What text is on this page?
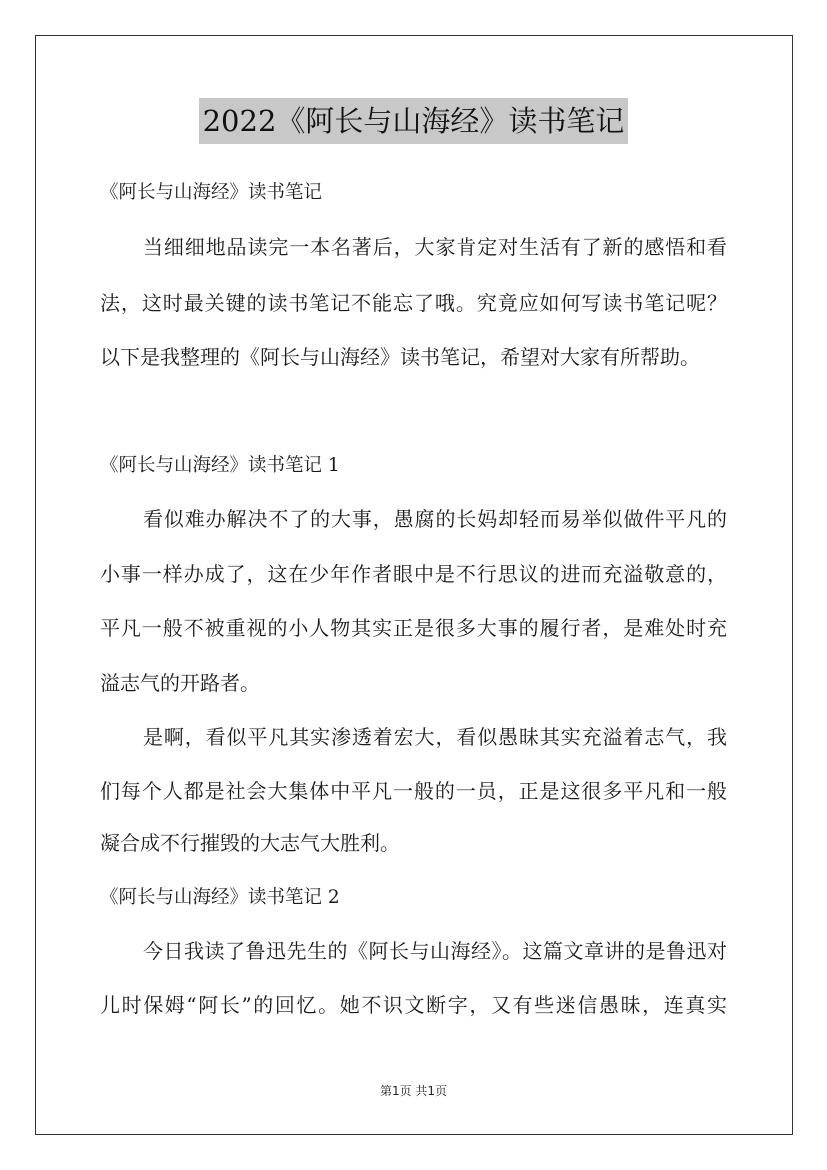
2022《阿长与山海经》读书笔记
《阿长与山海经》读书笔记
当细细地品读完一本名著后，大家肯定对生活有了新的感悟和看
法，这时最关键的读书笔记不能忘了哦。究竟应如何写读书笔记呢？
以下是我整理的《阿长与山海经》读书笔记，希望对大家有所帮助。
《阿长与山海经》读书笔记 1
看似难办解决不了的大事，愚腐的长妈却轻而易举似做件平凡的
小事一样办成了，这在少年作者眼中是不行思议的进而充溢敬意的，
平凡一般不被重视的小人物其实正是很多大事的履行者，是难处时充
溢志气的开路者。
是啊，看似平凡其实渗透着宏大，看似愚昧其实充溢着志气，我
们每个人都是社会大集体中平凡一般的一员，正是这很多平凡和一般
凝合成不行摧毁的大志气大胜利。
《阿长与山海经》读书笔记 2
今日我读了鲁迅先生的《阿长与山海经》。这篇文章讲的是鲁迅对
儿时保姆“阿长”的回忆。她不识文断字，又有些迷信愚昧，连真实
第1页 共1页
